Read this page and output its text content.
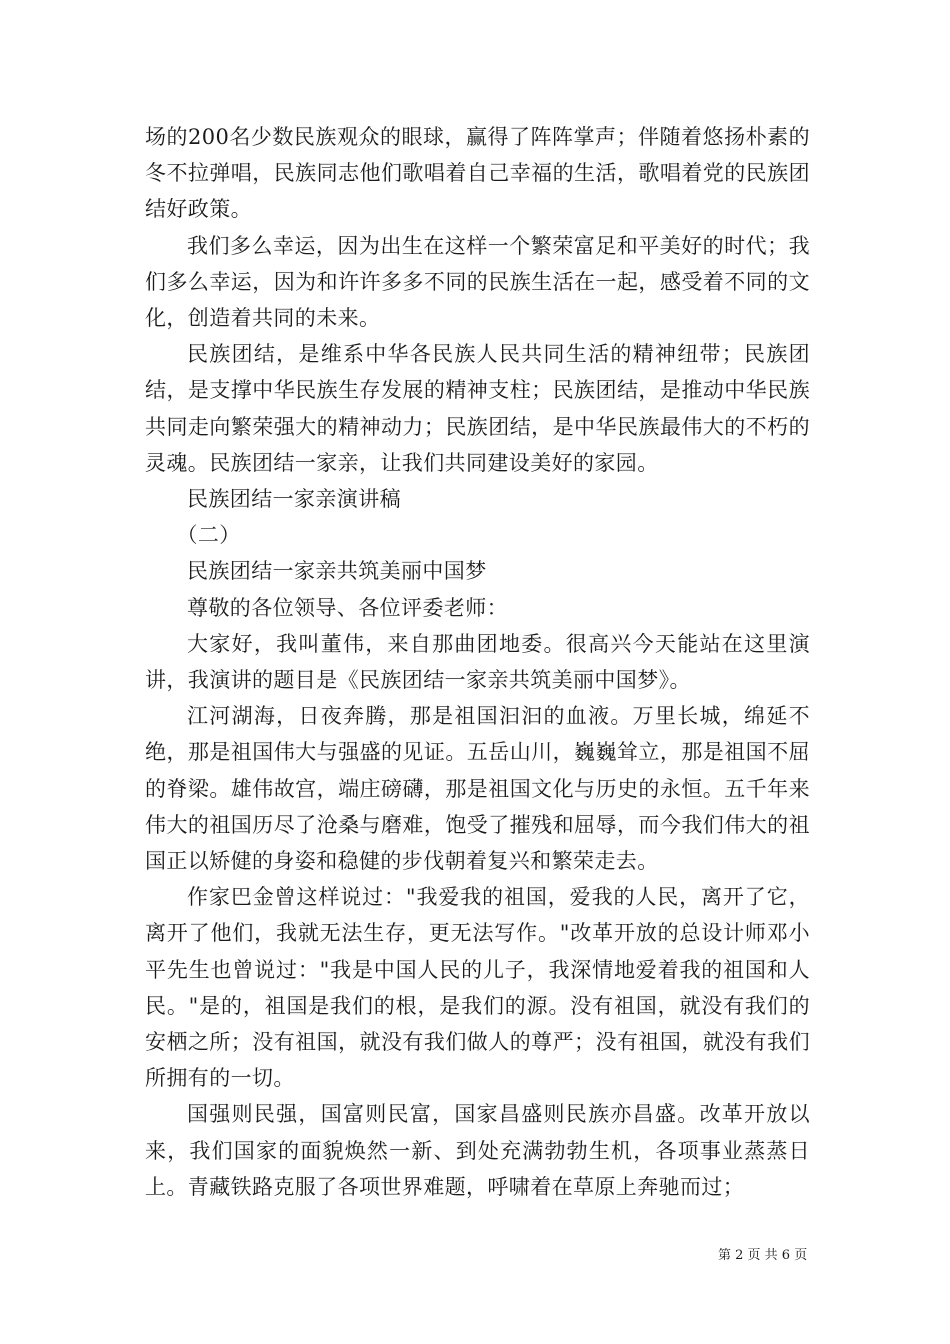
场的200名少数民族观众的眼球，赢得了阵阵掌声；伴随着悠扬朴素的冬不拉弹唱，民族同志他们歌唱着自己幸福的生活，歌唱着党的民族团结好政策。

我们多么幸运，因为出生在这样一个繁荣富足和平美好的时代；我们多么幸运，因为和许许多多不同的民族生活在一起，感受着不同的文化，创造着共同的未来。

民族团结，是维系中华各民族人民共同生活的精神纽带；民族团结，是支撑中华民族生存发展的精神支柱；民族团结，是推动中华民族共同走向繁荣强大的精神动力；民族团结，是中华民族最伟大的不朽的灵魂。民族团结一家亲，让我们共同建设美好的家园。

民族团结一家亲演讲稿

（二）

民族团结一家亲共筑美丽中国梦

尊敬的各位领导、各位评委老师：

大家好，我叫董伟，来自那曲团地委。很高兴今天能站在这里演讲，我演讲的题目是《民族团结一家亲共筑美丽中国梦》。

江河湖海，日夜奔腾，那是祖国汩汩的血液。万里长城，绵延不绝，那是祖国伟大与强盛的见证。五岳山川，巍巍耸立，那是祖国不屈的脊梁。雄伟故宫，端庄磅礴，那是祖国文化与历史的永恒。五千年来伟大的祖国历尽了沧桑与磨难，饱受了摧残和屈辱，而今我们伟大的祖国正以矫健的身姿和稳健的步伐朝着复兴和繁荣走去。

作家巴金曾这样说过："我爱我的祖国，爱我的人民，离开了它，离开了他们，我就无法生存，更无法写作。"改革开放的总设计师邓小平先生也曾说过："我是中国人民的儿子，我深情地爱着我的祖国和人民。"是的，祖国是我们的根，是我们的源。没有祖国，就没有我们的安栖之所；没有祖国，就没有我们做人的尊严；没有祖国，就没有我们所拥有的一切。

国强则民强，国富则民富，国家昌盛则民族亦昌盛。改革开放以来，我们国家的面貌焕然一新、到处充满勃勃生机，各项事业蒸蒸日上。青藏铁路克服了各项世界难题，呼啸着在草原上奔驰而过；

第 2 页 共 6 页
